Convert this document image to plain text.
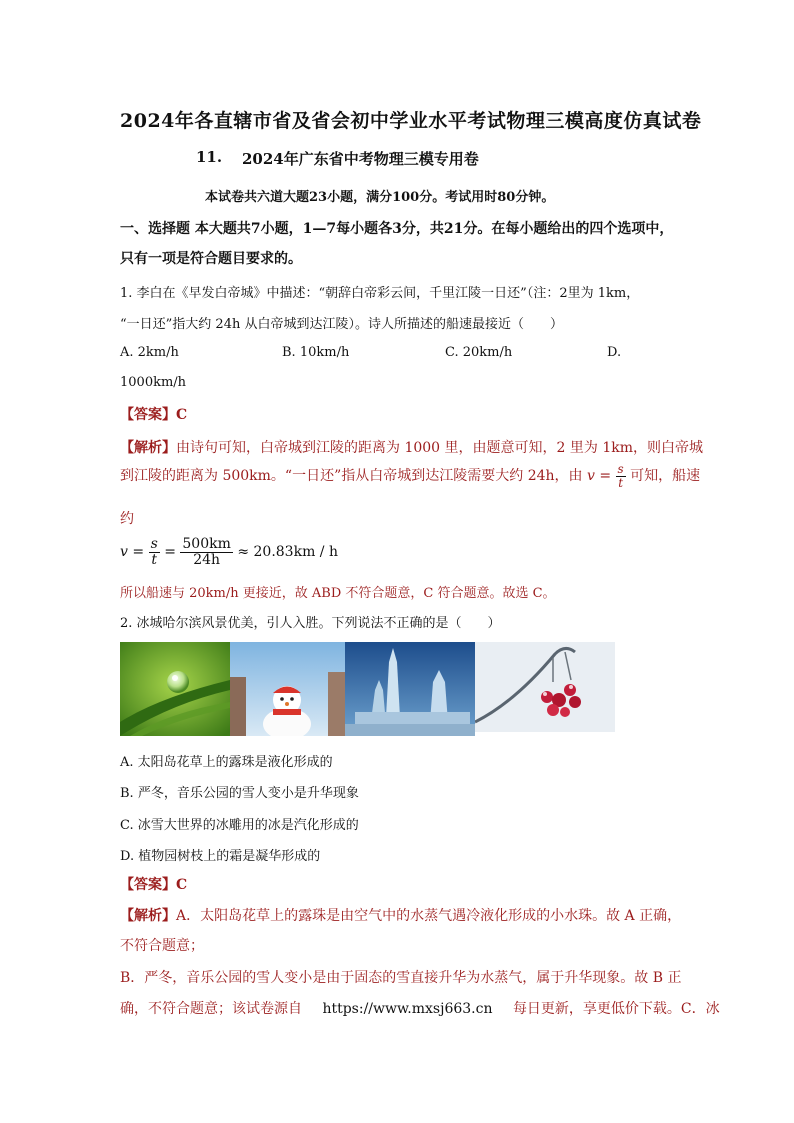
2024年各直辖市省及省会初中学业水平考试物理三模高度仿真试卷
11. 2024年广东省中考物理三模专用卷
本试卷共六道大题23小题，满分100分。考试用时80分钟。
一、选择题 本大题共7小题，1—7每小题各3分，共21分。在每小题给出的四个选项中，
只有一项是符合题目要求的。
1. 李白在《早发白帝城》中描述：“朝辞白帝彩云间，千里江陵一日还”（注：2里为 1km，
“一日还”指大约 24h 从白帝城到达江陵）。诗人所描述的船速最接近（　　）
A. 2km/h	B. 10km/h	C. 20km/h	D.
1000km/h
【答案】C
【解析】由诗句可知，白帝城到江陵的距离为 1000 里，由题意可知，2 里为 1km，则白帝城
到江陵的距离为 500km。“一日还”指从白帝城到达江陵需要大约 24h，由 $v = \frac{s}{t}$ 可知，船速
约
$v = \frac{s}{t} = \frac{500km}{24h} \approx 20.83km / h$
所以船速与 20km/h 更接近，故 ABD 不符合题意，C 符合题意。故选 C。
2. 冰城哈尔滨风景优美，引人入胜。下列说法不正确的是（　　）
A. 太阳岛花草上的露珠是液化形成的
B. 严冬，音乐公园的雪人变小是升华现象
C. 冰雪大世界的冰雕用的冰是汽化形成的
D. 植物园树枝上的霜是凝华形成的
【答案】C
【解析】A．太阳岛花草上的露珠是由空气中的水蒸气遇冷液化形成的小水珠。故 A 正确，
不符合题意；
B．严冬，音乐公园的雪人变小是由于固态的雪直接升华为水蒸气，属于升华现象。故 B 正
确，不符合题意；该试卷源自 https://www.mxsj663.cn 每日更新，享更低价下载。C．冰
